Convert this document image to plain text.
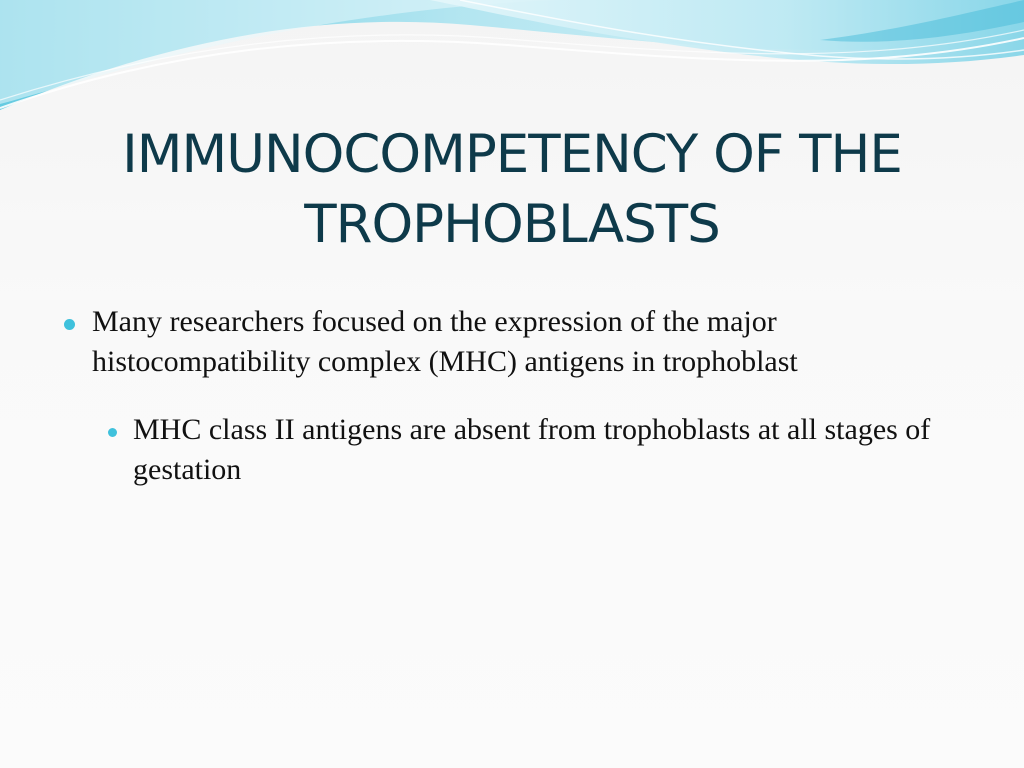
IMMUNOCOMPETENCY OF THE
TROPHOBLASTS
Many researchers focused on the expression of the major histocompatibility complex (MHC) antigens in trophoblast
MHC class II antigens are absent from trophoblasts at all stages of gestation
